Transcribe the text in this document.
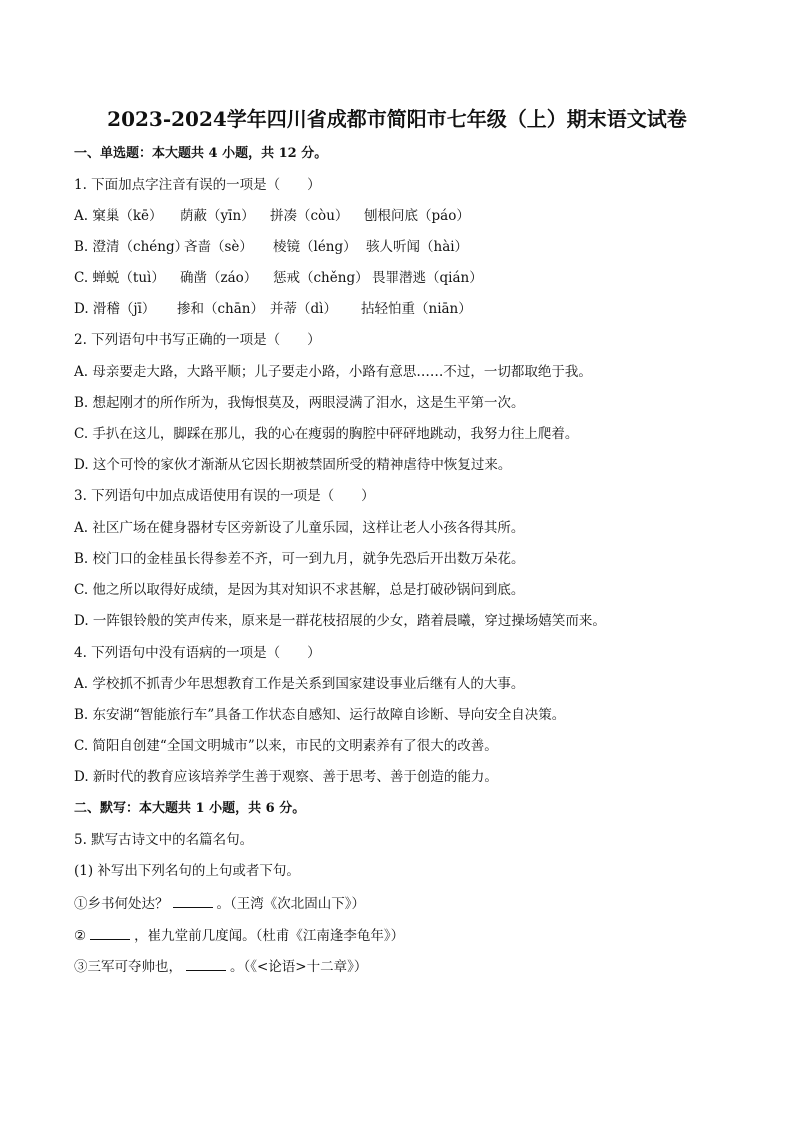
2023-2024学年四川省成都市简阳市七年级（上）期末语文试卷
一、单选题：本大题共 4 小题，共 12 分。
1. 下面加点字注音有误的一项是（　　）
A. 窠巢（kē） 荫蔽（yīn） 拼凑（còu） 刨根问底（páo）
B. 澄清（chéng）
吝啬（sè） 棱镜（léng） 骇人听闻（hài）
C. 蝉蜕（tuì） 确凿（záo） 惩戒（chěng） 畏罪潜逃（qián）
D. 滑稽（jī） 掺和（chān） 并蒂（dì） 拈轻怕重（niān）
2. 下列语句中书写正确的一项是（　　）
A. 母亲要走大路，大路平顺；儿子要走小路，小路有意思……不过，一切都取绝于我。
B. 想起刚才的所作所为，我悔恨莫及，两眼浸满了泪水，这是生平第一次。
C. 手扒在这儿，脚踩在那儿，我的心在瘦弱的胸腔中砰砰地跳动，我努力往上爬着。
D. 这个可怜的家伙才渐渐从它因长期被禁固所受的精神虐待中恢复过来。
3. 下列语句中加点成语使用有误的一项是（　　）
A. 社区广场在健身器材专区旁新设了儿童乐园，这样让老人小孩各得其所。
B. 校门口的金桂虽长得参差不齐，可一到九月，就争先恐后开出数万朵花。
C. 他之所以取得好成绩，是因为其对知识不求甚解，总是打破砂锅问到底。
D. 一阵银铃般的笑声传来，原来是一群花枝招展的少女，踏着晨曦，穿过操场嬉笑而来。
4. 下列语句中没有语病的一项是（　　）
A. 学校抓不抓青少年思想教育工作是关系到国家建设事业后继有人的大事。
B. 东安湖“智能旅行车”具备工作状态自感知、运行故障自诊断、导向安全自决策。
C. 简阳自创建“全国文明城市”以来，市民的文明素养有了很大的改善。
D. 新时代的教育应该培养学生善于观察、善于思考、善于创造的能力。
二、默写：本大题共 1 小题，共 6 分。
5. 默写古诗文中的名篇名句。
(1) 补写出下列名句的上句或者下句。
①乡书何处达？	。（王湾《次北固山下》）
②	，崔九堂前几度闻。（杜甫《江南逢李龟年》）
③三军可夺帅也，	。（《<论语>十二章》）
